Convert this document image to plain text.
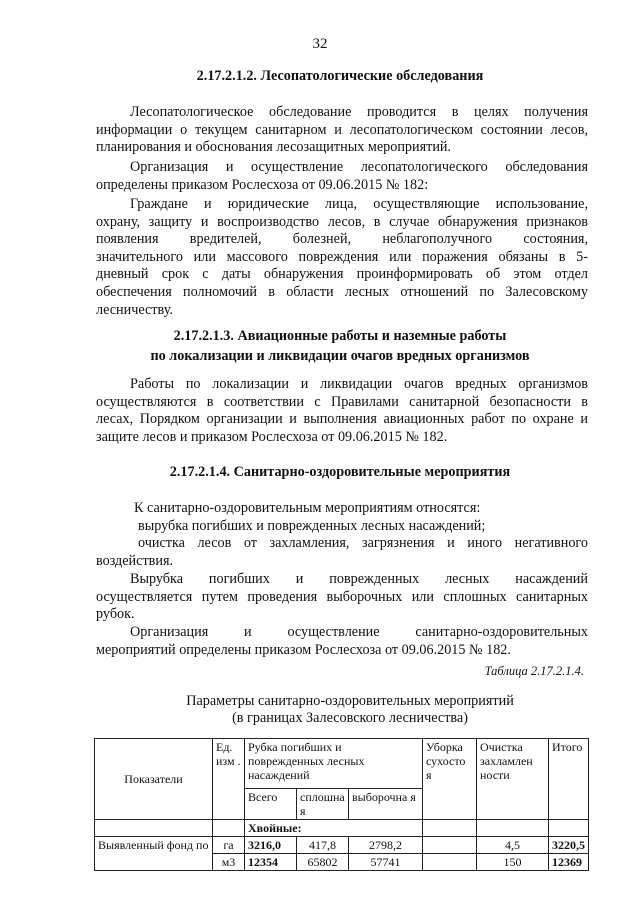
32
2.17.2.1.2. Лесопатологические обследования
Лесопатологическое обследование проводится в целях получения
информации о текущем санитарном и лесопатологическом состоянии лесов,
планирования и обоснования лесозащитных мероприятий.
Организация и осуществление лесопатологического обследования
определены приказом Рослесхоза от 09.06.2015 № 182:
Граждане и юридические лица, осуществляющие использование,
охрану, защиту и воспроизводство лесов, в случае обнаружения признаков
появления вредителей, болезней, неблагополучного состояния,
значительного или массового повреждения или поражения обязаны в 5-
дневный срок с даты обнаружения проинформировать об этом отдел
обеспечения полномочий в области лесных отношений по Залесовскому
лесничеству.
2.17.2.1.3. Авиационные работы и наземные работы
по локализации и ликвидации очагов вредных организмов
Работы по локализации и ликвидации очагов вредных организмов
осуществляются в соответствии с Правилами санитарной безопасности в
лесах, Порядком организации и выполнения авиационных работ по охране и
защите лесов и приказом Рослесхоза от 09.06.2015 № 182.
2.17.2.1.4. Санитарно-оздоровительные мероприятия
К санитарно-оздоровительным мероприятиям относятся:
вырубка погибших и поврежденных лесных насаждений;
очистка лесов от захламления, загрязнения и иного негативного
воздействия.
Вырубка погибших и поврежденных лесных насаждений
осуществляется путем проведения выборочных или сплошных санитарных
рубок.
Организация и осуществление санитарно-оздоровительных
мероприятий определены приказом Рослесхоза от 09.06.2015 № 182.
Таблица 2.17.2.1.4.
Параметры санитарно-оздоровительных мероприятий
(в границах Залесовского лесничества)
Показатели	Ед. изм .	Рубка погибших и поврежденных лесных насаждений			Уборка сухосто я	Очистка захламлен ности	Итого
		Всего	сплошна я	выборочна я			
		Хвойные:					
Выявленный фонд по	га	3216,0	417,8	2798,2		4,5	3220,5
	м3	12354	65802	57741		150	12369
